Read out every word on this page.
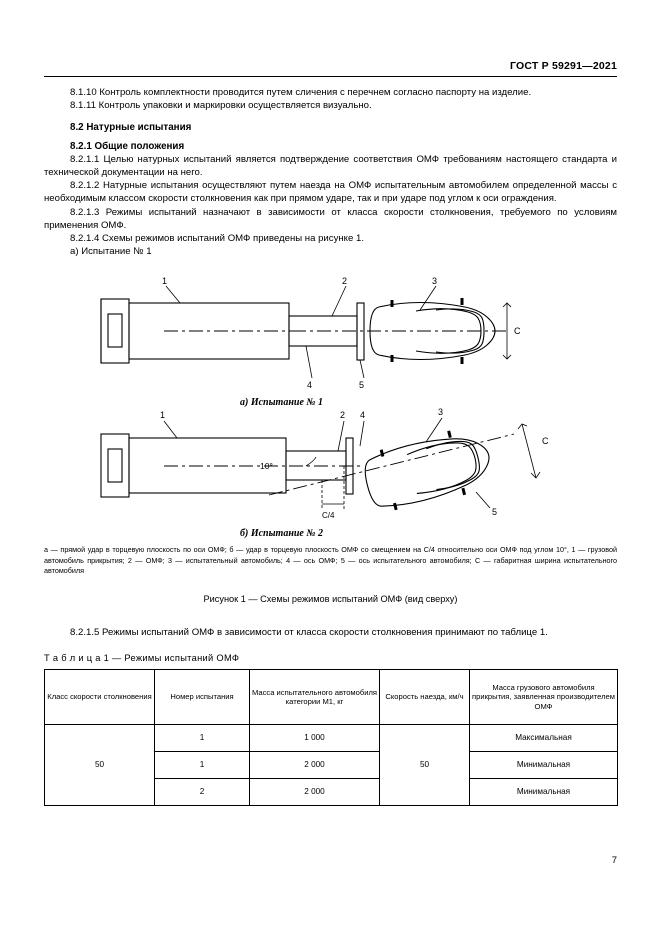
ГОСТ Р 59291—2021

8.1.10 Контроль комплектности проводится путем сличения с перечнем согласно паспорту на изделие.

8.1.11 Контроль упаковки и маркировки осуществляется визуально.

8.2 Натурные испытания

8.2.1 Общие положения

8.2.1.1 Целью натурных испытаний является подтверждение соответствия ОМФ требованиям настоящего стандарта и технической документации на него.

8.2.1.2 Натурные испытания осуществляют путем наезда на ОМФ испытательным автомобилем определенной массы с необходимым классом скорости столкновения как при прямом ударе, так и при ударе под углом к оси ограждения.

8.2.1.3 Режимы испытаний назначают в зависимости от класса скорости столкновения, требуемого по условиям применения ОМФ.

8.2.1.4 Схемы режимов испытаний ОМФ приведены на рисунке 1.

а) Испытание № 1

1	2	3
4	5
C
1	4
2	3
5
C
10°
C/4
а) Испытание № 1
б) Испытание № 2
а — прямой удар в торцевую плоскость по оси ОМФ; б — удар в торцевую плоскость ОМФ со смещением на C/4 относительно оси ОМФ под углом 10°, 1 — грузовой автомобиль прикрытия; 2 — ОМФ; 3 — испытательный автомобиль; 4 — ось ОМФ; 5 — ось испытательного автомобиля; C — габаритная ширина испытательного автомобиля
Рисунок 1 — Схемы режимов испытаний ОМФ (вид сверху)

8.2.1.5 Режимы испытаний ОМФ в зависимости от класса скорости столкновения принимают по таблице 1.

Т а б л и ц а 1 — Режимы испытаний ОМФ
Класс скорости столкновения	Номер испытания	Масса испытательного автомобиля категории М1, кг	Скорость наезда, км/ч	Масса грузового автомобиля прикрытия, заявленная производителем ОМФ
50	1	1 000	50	Максимальная
	1	2 000		Минимальная
	2	2 000		Минимальная
7
